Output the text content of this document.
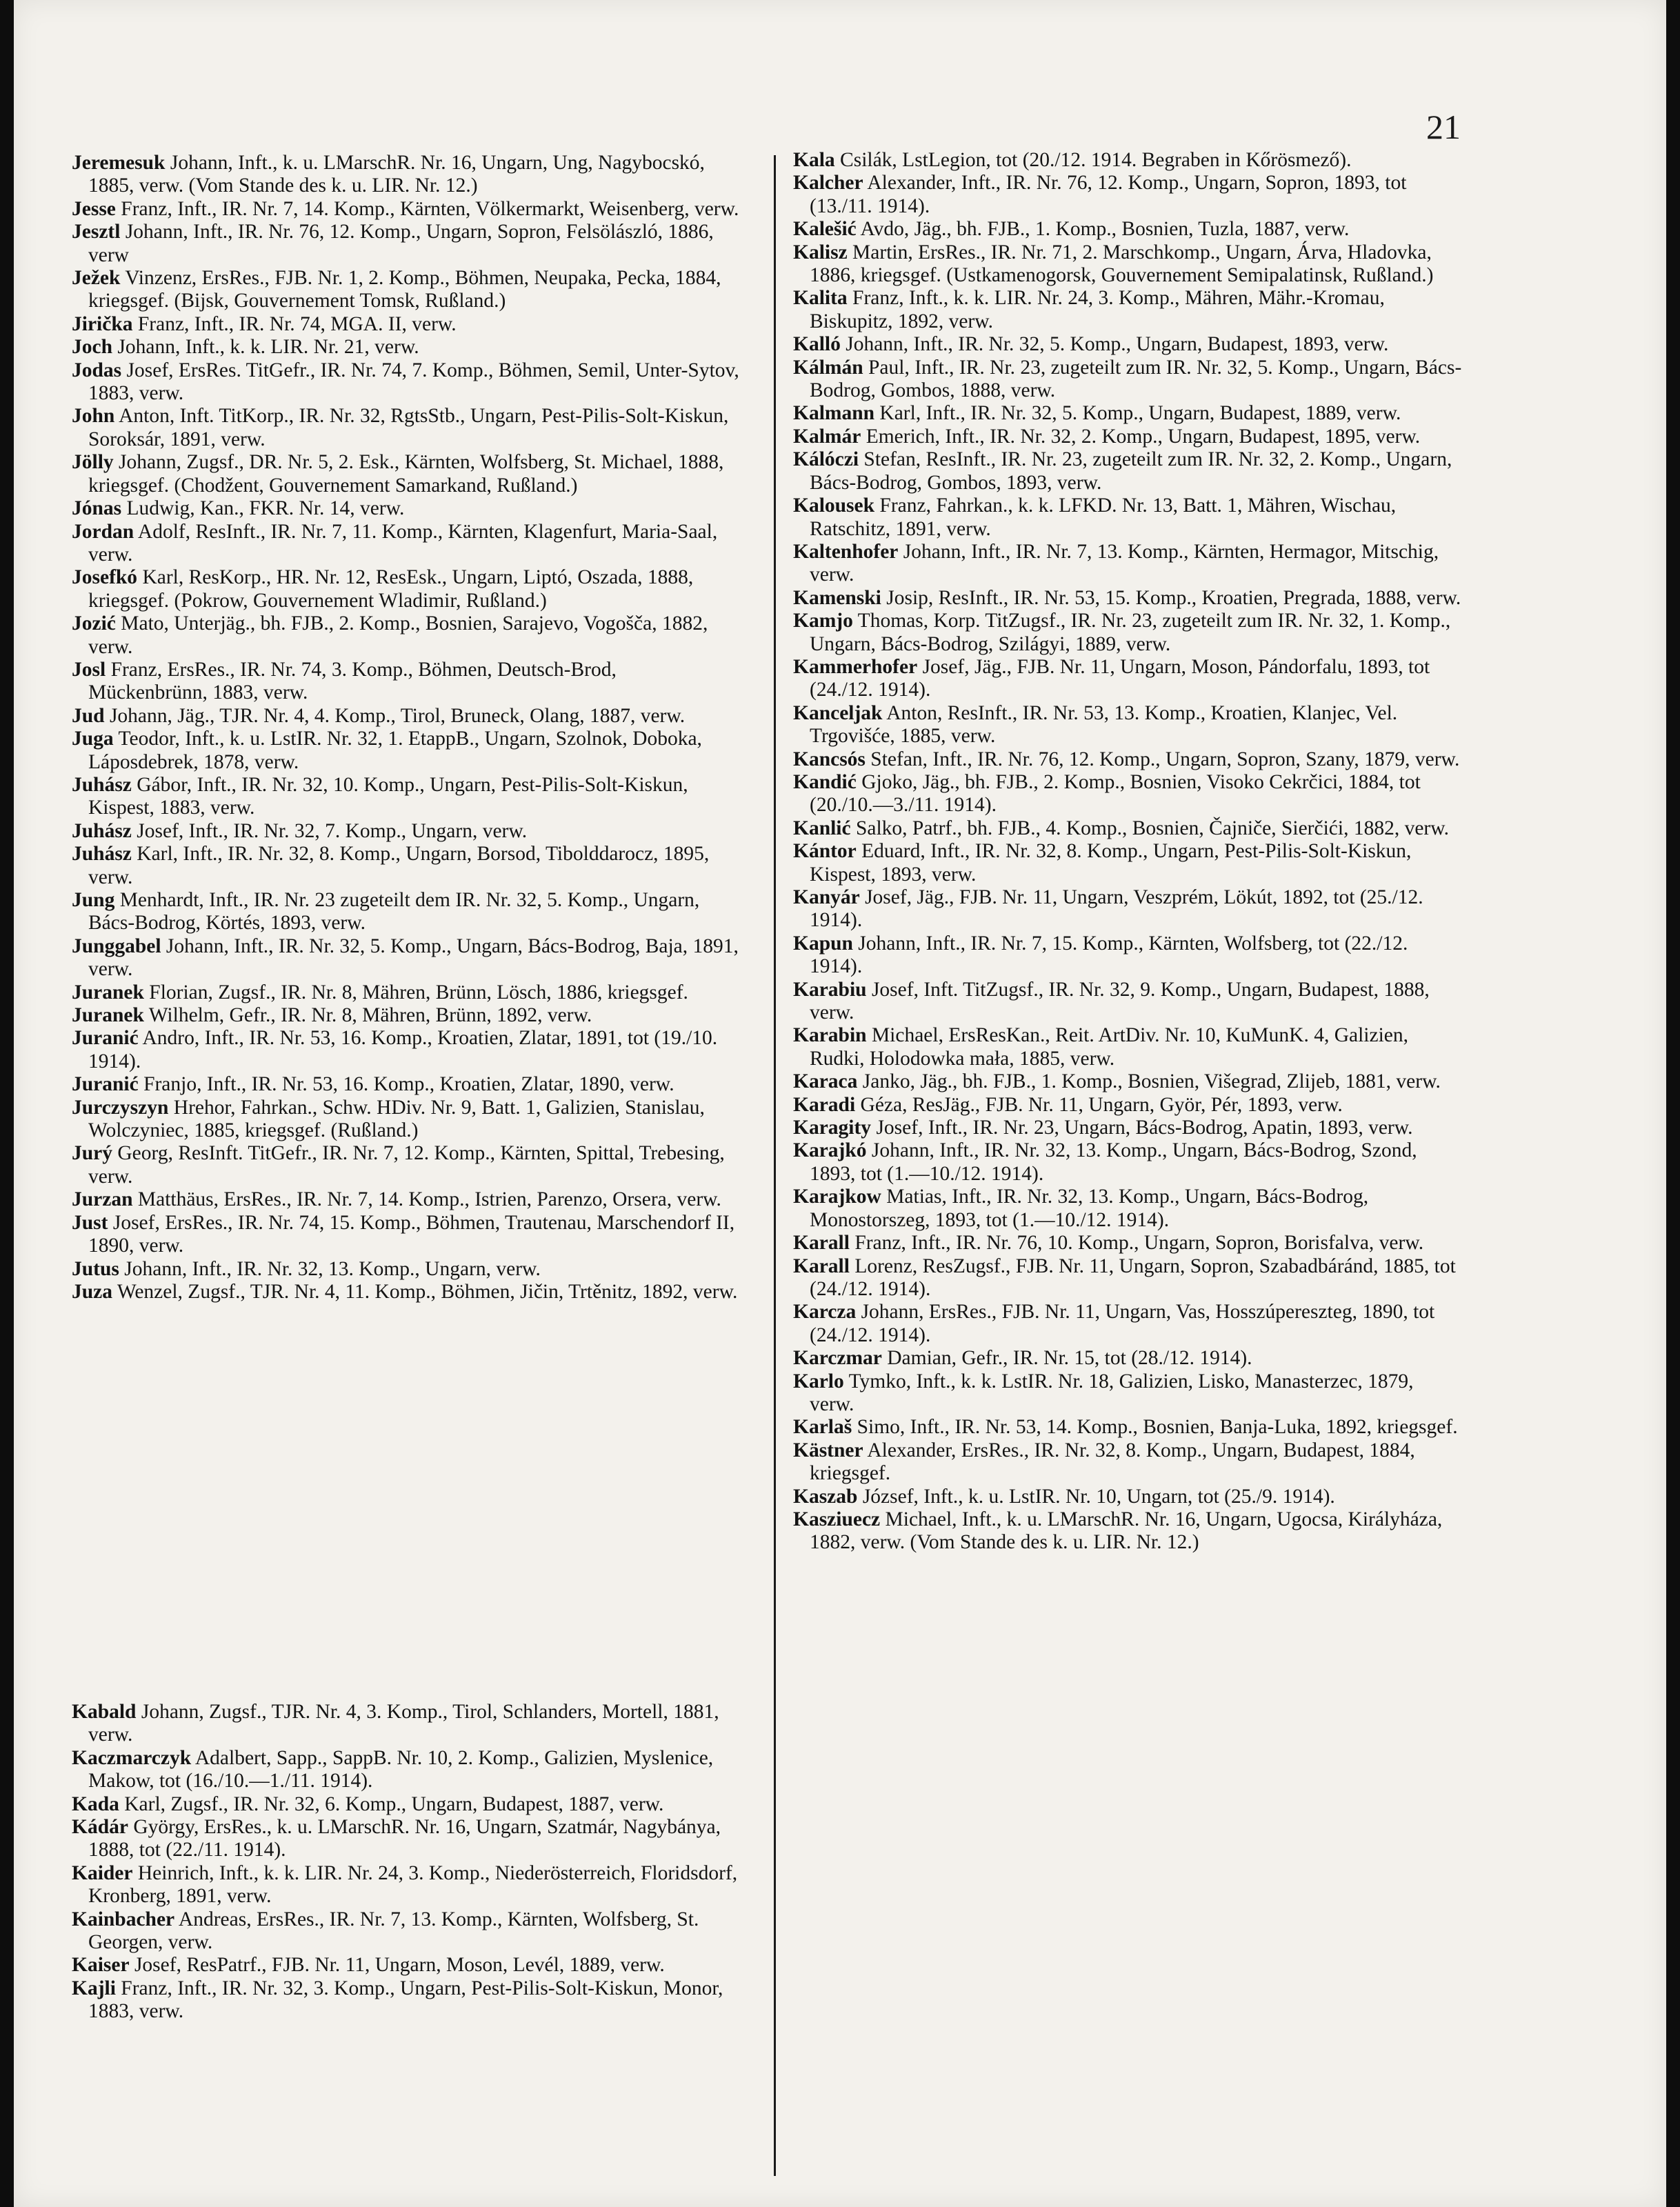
21

Jeremesuk Johann, Inft., k. u. LMarschR. Nr. 16, Ungarn, Ung, Nagybocskó, 1885, verw. (Vom Stande des k. u. LIR. Nr. 12.)

Jesse Franz, Inft., IR. Nr. 7, 14. Komp., Kärnten, Völkermarkt, Weisenberg, verw.

Jesztl Johann, Inft., IR. Nr. 76, 12. Komp., Ungarn, Sopron, Felsölászló, 1886, verw

Ježek Vinzenz, ErsRes., FJB. Nr. 1, 2. Komp., Böhmen, Neupaka, Pecka, 1884, kriegsgef. (Bijsk, Gouvernement Tomsk, Rußland.)

Jirička Franz, Inft., IR. Nr. 74, MGA. II, verw.

Joch Johann, Inft., k. k. LIR. Nr. 21, verw.

Jodas Josef, ErsRes. TitGefr., IR. Nr. 74, 7. Komp., Böhmen, Semil, Unter-Sytov, 1883, verw.

John Anton, Inft. TitKorp., IR. Nr. 32, RgtsStb., Ungarn, Pest-Pilis-Solt-Kiskun, Soroksár, 1891, verw.

Jölly Johann, Zugsf., DR. Nr. 5, 2. Esk., Kärnten, Wolfsberg, St. Michael, 1888, kriegsgef. (Chodžent, Gouvernement Samarkand, Rußland.)

Jónas Ludwig, Kan., FKR. Nr. 14, verw.

Jordan Adolf, ResInft., IR. Nr. 7, 11. Komp., Kärnten, Klagenfurt, Maria-Saal, verw.

Josefkó Karl, ResKorp., HR. Nr. 12, ResEsk., Ungarn, Liptó, Oszada, 1888, kriegsgef. (Pokrow, Gouvernement Wladimir, Rußland.)

Jozić Mato, Unterjäg., bh. FJB., 2. Komp., Bosnien, Sarajevo, Vogošča, 1882, verw.

Josl Franz, ErsRes., IR. Nr. 74, 3. Komp., Böhmen, Deutsch-Brod, Mückenbrünn, 1883, verw.

Jud Johann, Jäg., TJR. Nr. 4, 4. Komp., Tirol, Bruneck, Olang, 1887, verw.

Juga Teodor, Inft., k. u. LstIR. Nr. 32, 1. EtappB., Ungarn, Szolnok, Doboka, Láposdebrek, 1878, verw.

Juhász Gábor, Inft., IR. Nr. 32, 10. Komp., Ungarn, Pest-Pilis-Solt-Kiskun, Kispest, 1883, verw.

Juhász Josef, Inft., IR. Nr. 32, 7. Komp., Ungarn, verw.

Juhász Karl, Inft., IR. Nr. 32, 8. Komp., Ungarn, Borsod, Tibolddarocz, 1895, verw.

Jung Menhardt, Inft., IR. Nr. 23 zugeteilt dem IR. Nr. 32, 5. Komp., Ungarn, Bács-Bodrog, Körtés, 1893, verw.

Junggabel Johann, Inft., IR. Nr. 32, 5. Komp., Ungarn, Bács-Bodrog, Baja, 1891, verw.

Juranek Florian, Zugsf., IR. Nr. 8, Mähren, Brünn, Lösch, 1886, kriegsgef.

Juranek Wilhelm, Gefr., IR. Nr. 8, Mähren, Brünn, 1892, verw.

Juranić Andro, Inft., IR. Nr. 53, 16. Komp., Kroatien, Zlatar, 1891, tot (19./10. 1914).

Juranić Franjo, Inft., IR. Nr. 53, 16. Komp., Kroatien, Zlatar, 1890, verw.

Jurczyszyn Hrehor, Fahrkan., Schw. HDiv. Nr. 9, Batt. 1, Galizien, Stanislau, Wolczyniec, 1885, kriegsgef. (Rußland.)

Jurý Georg, ResInft. TitGefr., IR. Nr. 7, 12. Komp., Kärnten, Spittal, Trebesing, verw.

Jurzan Matthäus, ErsRes., IR. Nr. 7, 14. Komp., Istrien, Parenzo, Orsera, verw.

Just Josef, ErsRes., IR. Nr. 74, 15. Komp., Böhmen, Trautenau, Marschendorf II, 1890, verw.

Jutus Johann, Inft., IR. Nr. 32, 13. Komp., Ungarn, verw.

Juza Wenzel, Zugsf., TJR. Nr. 4, 11. Komp., Böhmen, Jičin, Trtěnitz, 1892, verw.

Kabald Johann, Zugsf., TJR. Nr. 4, 3. Komp., Tirol, Schlanders, Mortell, 1881, verw.

Kaczmarczyk Adalbert, Sapp., SappB. Nr. 10, 2. Komp., Galizien, Myslenice, Makow, tot (16./10.—1./11. 1914).

Kada Karl, Zugsf., IR. Nr. 32, 6. Komp., Ungarn, Budapest, 1887, verw.

Kádár György, ErsRes., k. u. LMarschR. Nr. 16, Ungarn, Szatmár, Nagybánya, 1888, tot (22./11. 1914).

Kaider Heinrich, Inft., k. k. LIR. Nr. 24, 3. Komp., Niederösterreich, Floridsdorf, Kronberg, 1891, verw.

Kainbacher Andreas, ErsRes., IR. Nr. 7, 13. Komp., Kärnten, Wolfsberg, St. Georgen, verw.

Kaiser Josef, ResPatrf., FJB. Nr. 11, Ungarn, Moson, Levél, 1889, verw.

Kajli Franz, Inft., IR. Nr. 32, 3. Komp., Ungarn, Pest-Pilis-Solt-Kiskun, Monor, 1883, verw.

Kala Csilák, LstLegion, tot (20./12. 1914. Begraben in Kőrösmező).

Kalcher Alexander, Inft., IR. Nr. 76, 12. Komp., Ungarn, Sopron, 1893, tot (13./11. 1914).

Kalešić Avdo, Jäg., bh. FJB., 1. Komp., Bosnien, Tuzla, 1887, verw.

Kalisz Martin, ErsRes., IR. Nr. 71, 2. Marschkomp., Ungarn, Árva, Hladovka, 1886, kriegsgef. (Ustkamenogorsk, Gouvernement Semipalatinsk, Rußland.)

Kalita Franz, Inft., k. k. LIR. Nr. 24, 3. Komp., Mähren, Mähr.-Kromau, Biskupitz, 1892, verw.

Kalló Johann, Inft., IR. Nr. 32, 5. Komp., Ungarn, Budapest, 1893, verw.

Kálmán Paul, Inft., IR. Nr. 23, zugeteilt zum IR. Nr. 32, 5. Komp., Ungarn, Bács-Bodrog, Gombos, 1888, verw.

Kalmann Karl, Inft., IR. Nr. 32, 5. Komp., Ungarn, Budapest, 1889, verw.

Kalmár Emerich, Inft., IR. Nr. 32, 2. Komp., Ungarn, Budapest, 1895, verw.

Kálóczi Stefan, ResInft., IR. Nr. 23, zugeteilt zum IR. Nr. 32, 2. Komp., Ungarn, Bács-Bodrog, Gombos, 1893, verw.

Kalousek Franz, Fahrkan., k. k. LFKD. Nr. 13, Batt. 1, Mähren, Wischau, Ratschitz, 1891, verw.

Kaltenhofer Johann, Inft., IR. Nr. 7, 13. Komp., Kärnten, Hermagor, Mitschig, verw.

Kamenski Josip, ResInft., IR. Nr. 53, 15. Komp., Kroatien, Pregrada, 1888, verw.

Kamjo Thomas, Korp. TitZugsf., IR. Nr. 23, zugeteilt zum IR. Nr. 32, 1. Komp., Ungarn, Bács-Bodrog, Szilágyi, 1889, verw.

Kammerhofer Josef, Jäg., FJB. Nr. 11, Ungarn, Moson, Pándorfalu, 1893, tot (24./12. 1914).

Kanceljak Anton, ResInft., IR. Nr. 53, 13. Komp., Kroatien, Klanjec, Vel. Trgovišće, 1885, verw.

Kancsós Stefan, Inft., IR. Nr. 76, 12. Komp., Ungarn, Sopron, Szany, 1879, verw.

Kandić Gjoko, Jäg., bh. FJB., 2. Komp., Bosnien, Visoko Cekrčici, 1884, tot (20./10.—3./11. 1914).

Kanlić Salko, Patrf., bh. FJB., 4. Komp., Bosnien, Čajniče, Sierčići, 1882, verw.

Kántor Eduard, Inft., IR. Nr. 32, 8. Komp., Ungarn, Pest-Pilis-Solt-Kiskun, Kispest, 1893, verw.

Kanyár Josef, Jäg., FJB. Nr. 11, Ungarn, Veszprém, Lökút, 1892, tot (25./12. 1914).

Kapun Johann, Inft., IR. Nr. 7, 15. Komp., Kärnten, Wolfsberg, tot (22./12. 1914).

Karabiu Josef, Inft. TitZugsf., IR. Nr. 32, 9. Komp., Ungarn, Budapest, 1888, verw.

Karabin Michael, ErsResKan., Reit. ArtDiv. Nr. 10, KuMunK. 4, Galizien, Rudki, Holodowka mała, 1885, verw.

Karaca Janko, Jäg., bh. FJB., 1. Komp., Bosnien, Višegrad, Zlijeb, 1881, verw.

Karadi Géza, ResJäg., FJB. Nr. 11, Ungarn, Györ, Pér, 1893, verw.

Karagity Josef, Inft., IR. Nr. 23, Ungarn, Bács-Bodrog, Apatin, 1893, verw.

Karajkó Johann, Inft., IR. Nr. 32, 13. Komp., Ungarn, Bács-Bodrog, Szond, 1893, tot (1.—10./12. 1914).

Karajkow Matias, Inft., IR. Nr. 32, 13. Komp., Ungarn, Bács-Bodrog, Monostorszeg, 1893, tot (1.—10./12. 1914).

Karall Franz, Inft., IR. Nr. 76, 10. Komp., Ungarn, Sopron, Borisfalva, verw.

Karall Lorenz, ResZugsf., FJB. Nr. 11, Ungarn, Sopron, Szabadbáránd, 1885, tot (24./12. 1914).

Karcza Johann, ErsRes., FJB. Nr. 11, Ungarn, Vas, Hosszúpereszteg, 1890, tot (24./12. 1914).

Karczmar Damian, Gefr., IR. Nr. 15, tot (28./12. 1914).

Karlo Tymko, Inft., k. k. LstIR. Nr. 18, Galizien, Lisko, Manasterzec, 1879, verw.

Karlaš Simo, Inft., IR. Nr. 53, 14. Komp., Bosnien, Banja-Luka, 1892, kriegsgef.

Kästner Alexander, ErsRes., IR. Nr. 32, 8. Komp., Ungarn, Budapest, 1884, kriegsgef.

Kaszab József, Inft., k. u. LstIR. Nr. 10, Ungarn, tot (25./9. 1914).

Kasziuecz Michael, Inft., k. u. LMarschR. Nr. 16, Ungarn, Ugocsa, Királyháza, 1882, verw. (Vom Stande des k. u. LIR. Nr. 12.)
